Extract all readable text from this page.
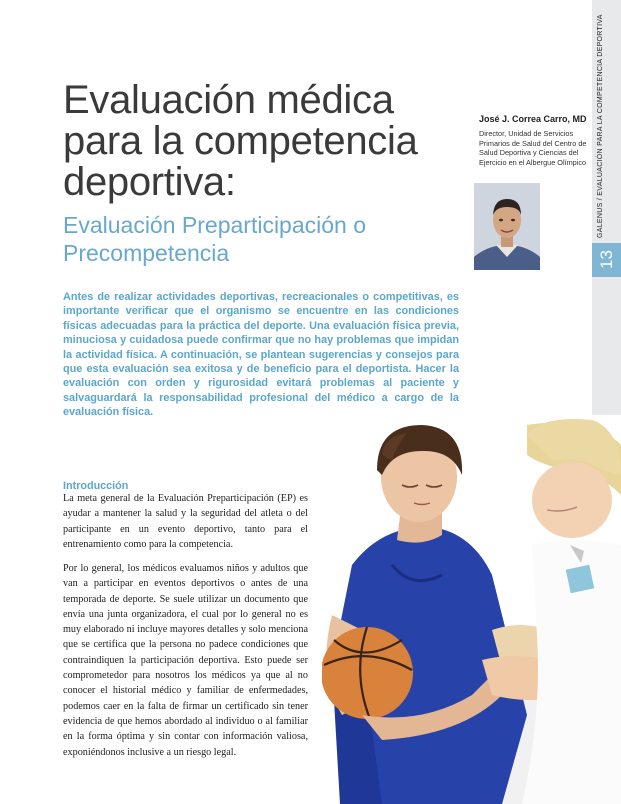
GALENUS / EVALUACIÓN PARA LA COMPETENCIA DEPORTIVA
13
Evaluación médica para la competencia deportiva:
Evaluación Preparticipación o Precompetencia
José J. Correa Carro, MD
Director, Unidad de Servicios Primarios de Salud del Centro de Salud Deportiva y Ciencias del Ejercicio en el Albergue Olímpico
Antes de realizar actividades deportivas, recreacionales o competitivas, es importante verificar que el organismo se encuentre en las condiciones físicas adecuadas para la práctica del deporte. Una evaluación física previa, minuciosa y cuidadosa puede confirmar que no hay problemas que impidan la actividad física. A continuación, se plantean sugerencias y consejos para que esta evaluación sea exitosa y de beneficio para el deportista. Hacer la evaluación con orden y rigurosidad evitará problemas al paciente y salvaguardará la responsabilidad profesional del médico a cargo de la evaluación física.
Introducción
La meta general de la Evaluación Preparticipación (EP) es ayudar a mantener la salud y la seguridad del atleta o del participante en un evento deportivo, tanto para el entrenamiento como para la competencia.
Por lo general, los médicos evaluamos niños y adultos que van a participar en eventos deportivos o antes de una temporada de deporte. Se suele utilizar un documento que envía una junta organizadora, el cual por lo general no es muy elaborado ni incluye mayores detalles y solo menciona que se certifica que la persona no padece condiciones que contraindiquen la participación deportiva. Esto puede ser comprometedor para nosotros los médicos ya que al no conocer el historial médico y familiar de enfermedades, podemos caer en la falta de firmar un certificado sin tener evidencia de que hemos abordado al individuo o al familiar en la forma óptima y sin contar con información valiosa, exponiéndonos inclusive a un riesgo legal.
